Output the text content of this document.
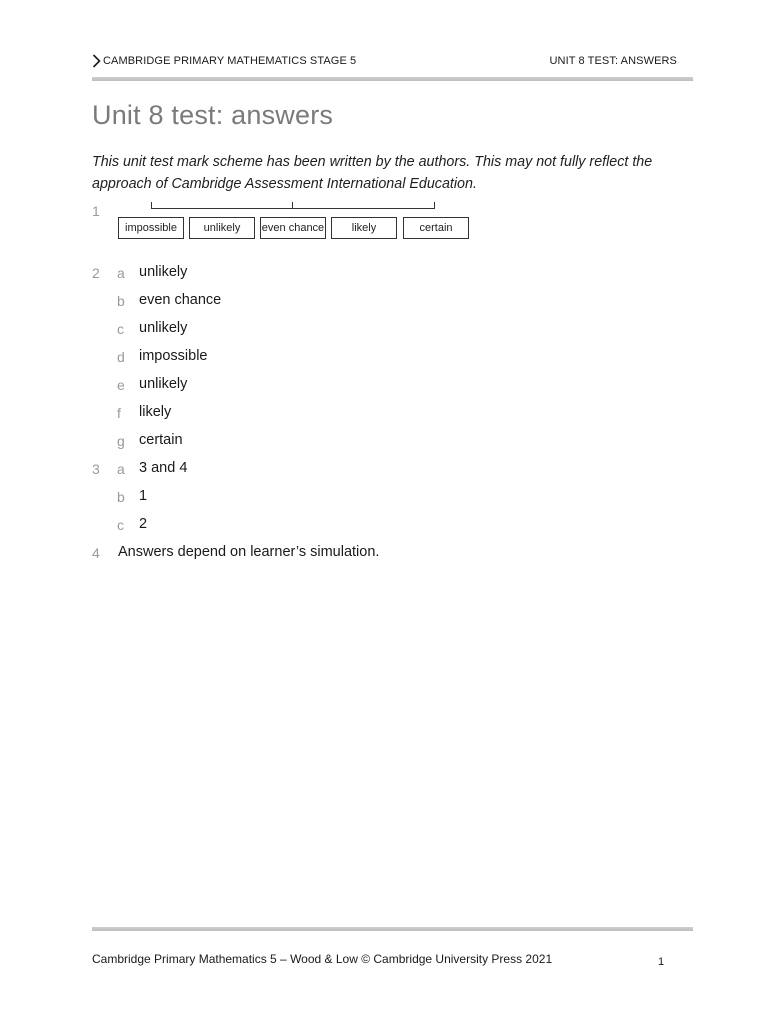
CAMBRIDGE PRIMARY MATHEMATICS STAGE 5	UNIT 8 TEST: ANSWERS
Unit 8 test: answers
This unit test mark scheme has been written by the authors. This may not fully reflect the approach of Cambridge Assessment International Education.
1
impossible	unlikely	even chance	likely	certain
2 a unlikely
b even chance
c unlikely
d impossible
e unlikely
f likely
g certain
3 a 3 and 4
b 1
c 2
4 Answers depend on learner’s simulation.
Cambridge Primary Mathematics 5 – Wood & Low © Cambridge University Press 2021	1
